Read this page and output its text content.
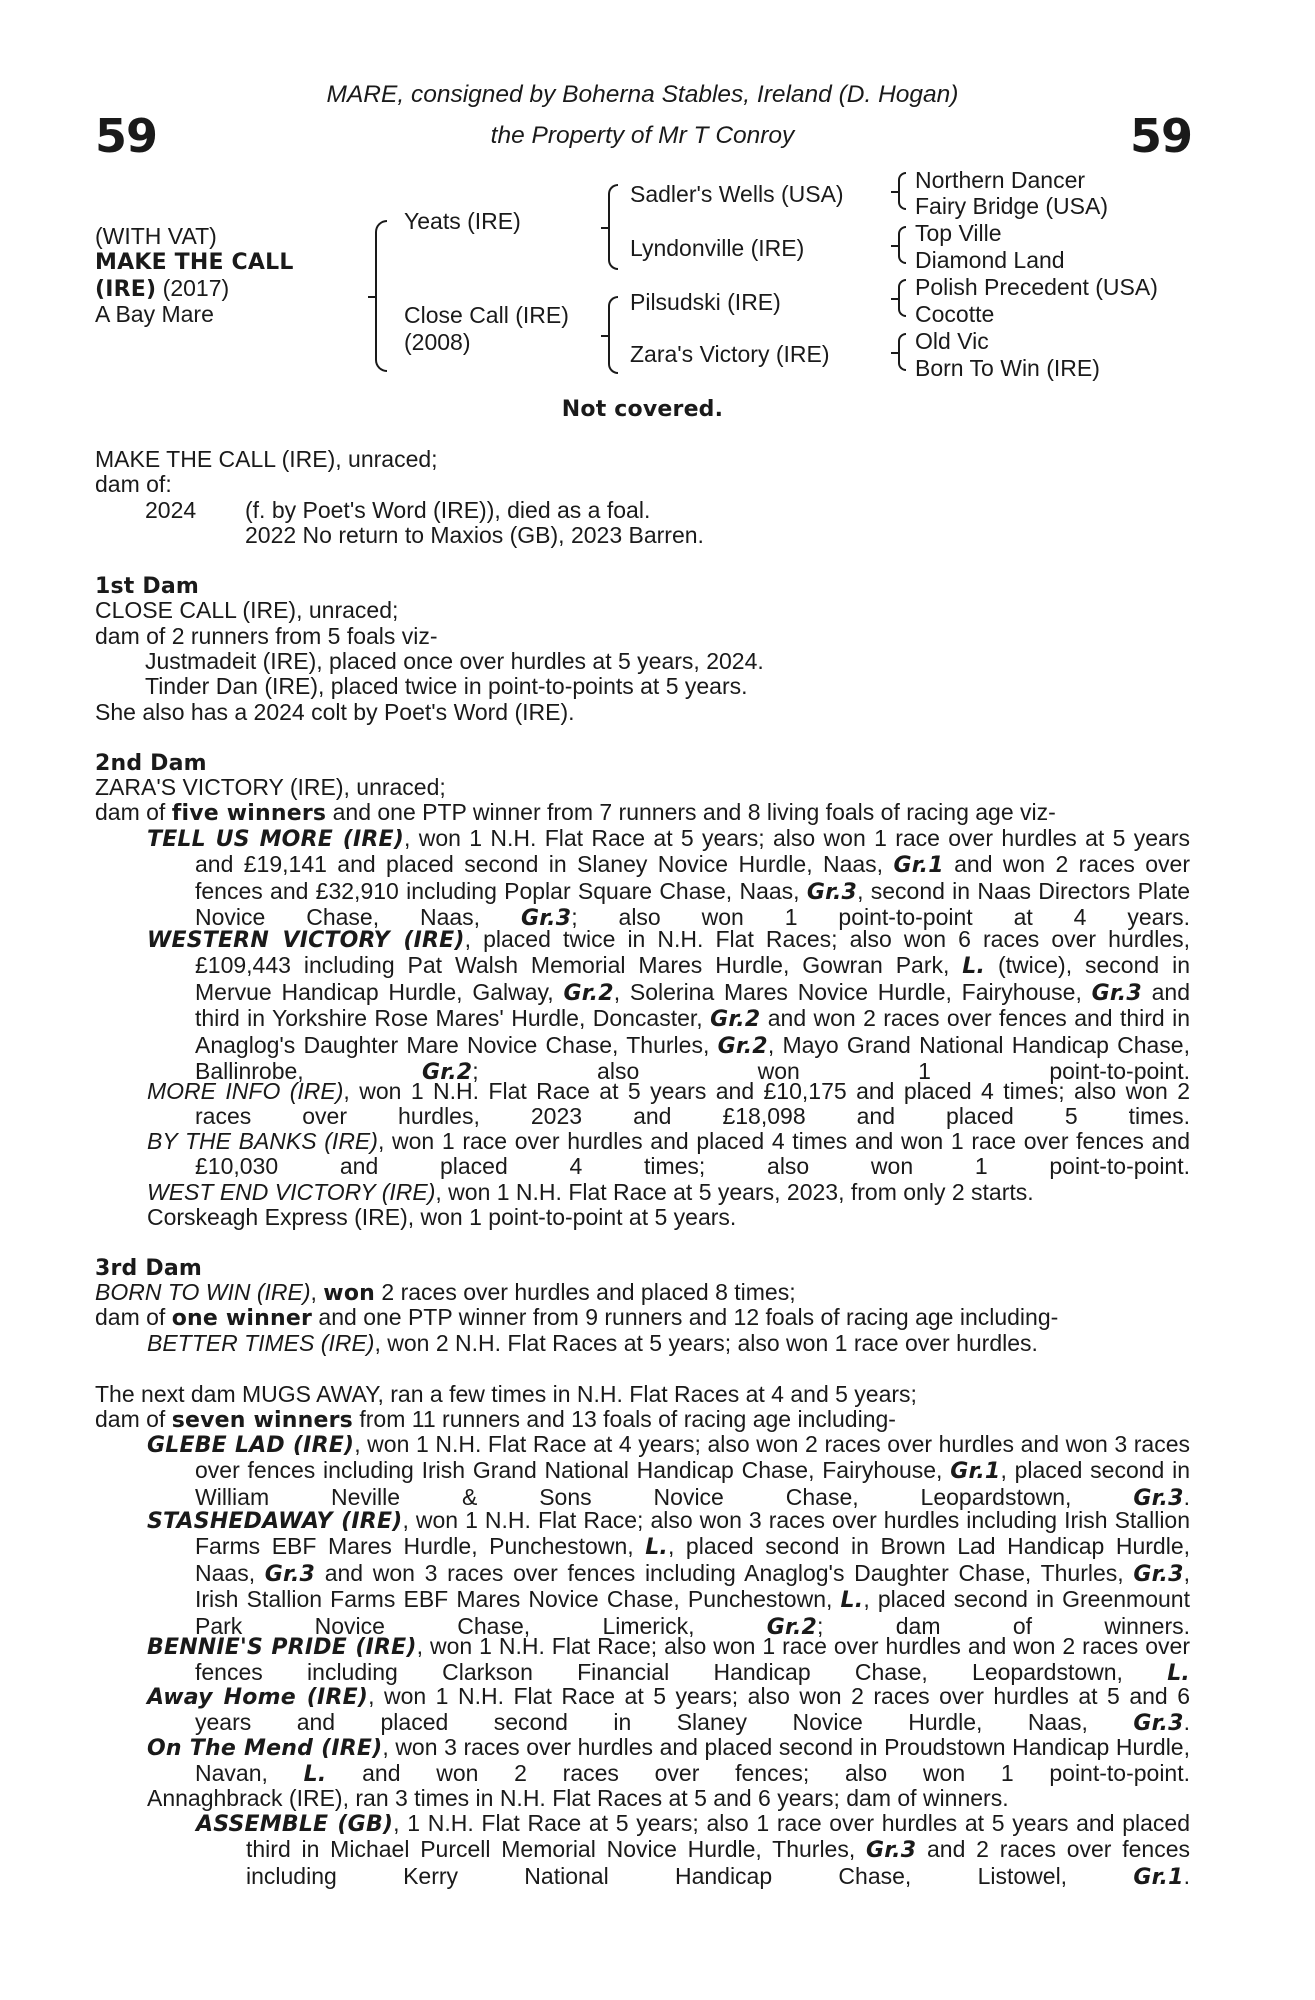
59	59
MARE, consigned by Boherna Stables, Ireland (D. Hogan)
the Property of Mr T Conroy
(WITH VAT)
MAKE THE CALL
(IRE) (2017)
A Bay Mare
Yeats (IRE)
Close Call (IRE)
(2008)
Sadler's Wells (USA)
Lyndonville (IRE)
Pilsudski (IRE)
Zara's Victory (IRE)
Northern Dancer
Fairy Bridge (USA)
Top Ville
Diamond Land
Polish Precedent (USA)
Cocotte
Old Vic
Born To Win (IRE)
Not covered.
MAKE THE CALL (IRE), unraced;
dam of:
2024 (f. by Poet's Word (IRE)), died as a foal.
2022 No return to Maxios (GB), 2023 Barren.
1st Dam
CLOSE CALL (IRE), unraced;
dam of 2 runners from 5 foals viz-
Justmadeit (IRE), placed once over hurdles at 5 years, 2024.
Tinder Dan (IRE), placed twice in point-to-points at 5 years.
She also has a 2024 colt by Poet's Word (IRE).
2nd Dam
ZARA'S VICTORY (IRE), unraced;
dam of five winners and one PTP winner from 7 runners and 8 living foals of racing age viz-
TELL US MORE (IRE), won 1 N.H. Flat Race at 5 years; also won 1 race over hurdles at 5 years and £19,141 and placed second in Slaney Novice Hurdle, Naas, Gr.1 and won 2 races over fences and £32,910 including Poplar Square Chase, Naas, Gr.3, second in Naas Directors Plate Novice Chase, Naas, Gr.3; also won 1 point-to-point at 4 years.
WESTERN VICTORY (IRE), placed twice in N.H. Flat Races; also won 6 races over hurdles, £109,443 including Pat Walsh Memorial Mares Hurdle, Gowran Park, L. (twice), second in Mervue Handicap Hurdle, Galway, Gr.2, Solerina Mares Novice Hurdle, Fairyhouse, Gr.3 and third in Yorkshire Rose Mares' Hurdle, Doncaster, Gr.2 and won 2 races over fences and third in Anaglog's Daughter Mare Novice Chase, Thurles, Gr.2, Mayo Grand National Handicap Chase, Ballinrobe, Gr.2; also won 1 point-to-point.
MORE INFO (IRE), won 1 N.H. Flat Race at 5 years and £10,175 and placed 4 times; also won 2 races over hurdles, 2023 and £18,098 and placed 5 times.
BY THE BANKS (IRE), won 1 race over hurdles and placed 4 times and won 1 race over fences and £10,030 and placed 4 times; also won 1 point-to-point.
WEST END VICTORY (IRE), won 1 N.H. Flat Race at 5 years, 2023, from only 2 starts.
Corskeagh Express (IRE), won 1 point-to-point at 5 years.
3rd Dam
BORN TO WIN (IRE), won 2 races over hurdles and placed 8 times;
dam of one winner and one PTP winner from 9 runners and 12 foals of racing age including-
BETTER TIMES (IRE), won 2 N.H. Flat Races at 5 years; also won 1 race over hurdles.
The next dam MUGS AWAY, ran a few times in N.H. Flat Races at 4 and 5 years;
dam of seven winners from 11 runners and 13 foals of racing age including-
GLEBE LAD (IRE), won 1 N.H. Flat Race at 4 years; also won 2 races over hurdles and won 3 races over fences including Irish Grand National Handicap Chase, Fairyhouse, Gr.1, placed second in William Neville & Sons Novice Chase, Leopardstown, Gr.3.
STASHEDAWAY (IRE), won 1 N.H. Flat Race; also won 3 races over hurdles including Irish Stallion Farms EBF Mares Hurdle, Punchestown, L., placed second in Brown Lad Handicap Hurdle, Naas, Gr.3 and won 3 races over fences including Anaglog's Daughter Chase, Thurles, Gr.3, Irish Stallion Farms EBF Mares Novice Chase, Punchestown, L., placed second in Greenmount Park Novice Chase, Limerick, Gr.2; dam of winners.
BENNIE'S PRIDE (IRE), won 1 N.H. Flat Race; also won 1 race over hurdles and won 2 races over fences including Clarkson Financial Handicap Chase, Leopardstown, L.
Away Home (IRE), won 1 N.H. Flat Race at 5 years; also won 2 races over hurdles at 5 and 6 years and placed second in Slaney Novice Hurdle, Naas, Gr.3.
On The Mend (IRE), won 3 races over hurdles and placed second in Proudstown Handicap Hurdle, Navan, L. and won 2 races over fences; also won 1 point-to-point.
Annaghbrack (IRE), ran 3 times in N.H. Flat Races at 5 and 6 years; dam of winners.
ASSEMBLE (GB), 1 N.H. Flat Race at 5 years; also 1 race over hurdles at 5 years and placed third in Michael Purcell Memorial Novice Hurdle, Thurles, Gr.3 and 2 races over fences including Kerry National Handicap Chase, Listowel, Gr.1.
